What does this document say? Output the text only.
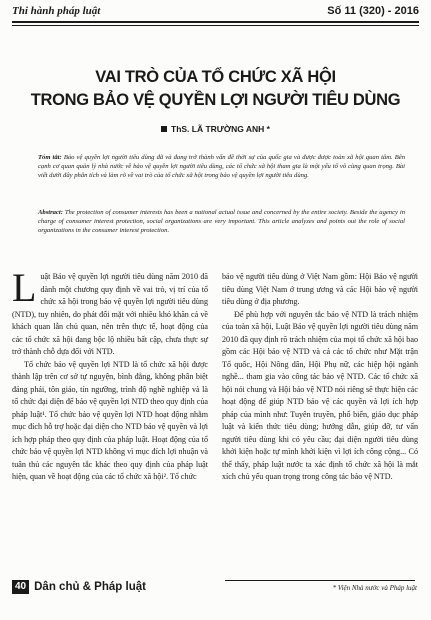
Thi hành pháp luật	Số 11 (320) - 2016
VAI TRÒ CỦA TỔ CHỨC XÃ HỘI
TRONG BẢO VỆ QUYỀN LỢI NGƯỜI TIÊU DÙNG
ThS. LÃ TRƯỜNG ANH *

Tóm tắt: Bảo vệ quyền lợi người tiêu dùng đã và đang trở thành vấn đề thời sự của quốc gia và được được toàn xã hội quan tâm. Bên cạnh cơ quan quản lý nhà nước về bảo vệ quyền lợi người tiêu dùng, các tổ chức xã hội tham gia là một yếu tố vô cùng quan trọng. Bài viết dưới đây phân tích và làm rõ về vai trò của tổ chức xã hội trong bảo vệ quyền lợi người tiêu dùng.

Abstract: The protection of consumer interests has been a national actual issue and concerned by the entire society. Beside the agency in charge of consumer interest protection, social organizations are very important. This article analyzes and points out the role of social organizations in the consumer interest protection.

Luật Bảo vệ quyền lợi người tiêu dùng năm 2010 đã dành một chương quy định về vai trò, vị trí của tổ chức xã hội trong bảo vệ quyền lợi người tiêu dùng (NTD), tuy nhiên, do phát đối mặt với nhiều khó khăn cả về khách quan lẫn chủ quan, nên trên thực tế, hoạt động của các tổ chức xã hội đang bộc lộ nhiều bất cập, chưa thực sự trở thành chỗ dựa đối với NTD.

Tổ chức bảo vệ quyền lợi NTD là tổ chức xã hội được thành lập trên cơ sở tự nguyện, bình đẳng, không phân biệt đảng phái, tôn giáo, tín ngưỡng, trình độ nghề nghiệp và là tổ chức đại diện để bảo vệ quyền lợi NTD theo quy định của pháp luật¹. Tổ chức bảo vệ quyền lợi NTD hoạt động nhằm mục đích hỗ trợ hoặc đại diện cho NTD bảo vệ quyền và lợi ích hợp pháp theo quy định của pháp luật. Hoạt động của tổ chức bảo vệ quyền lợi NTD không vì mục đích lợi nhuận và tuân thủ các nguyên tắc khác theo quy định của pháp luật hiện, quan về hoạt động của các tổ chức xã hội². Tổ chức

bảo vệ người tiêu dùng ở Việt Nam gồm: Hội Bảo vệ người tiêu dùng Việt Nam ở trung ương và các Hội bảo vệ người tiêu dùng ở địa phương.

Để phù hợp với nguyên tắc bảo vệ NTD là trách nhiệm của toàn xã hội, Luật Bảo vệ quyền lợi người tiêu dùng năm 2010 đã quy định rõ trách nhiệm của mọi tổ chức xã hội bao gồm các Hội bảo vệ NTD và cả các tổ chức như Mặt trận Tổ quốc, Hội Nông dân, Hội Phụ nữ, các hiệp hội ngành nghề... tham gia vào công tác bảo vệ NTD. Các tổ chức xã hội nói chung và Hội bảo vệ NTD nói riêng sẽ thực hiện các hoạt động để giúp NTD bảo vệ các quyền và lợi ích hợp pháp của mình như: Tuyên truyền, phổ biến, giáo dục pháp luật và kiến thức tiêu dùng; hướng dẫn, giúp đỡ, tư vấn người tiêu dùng khi có yêu cầu; đại diện người tiêu dùng khởi kiện hoặc tự mình khởi kiện vì lợi ích công cộng... Có thể thấy, pháp luật nước ta xác định tổ chức xã hội là mắt xích chủ yếu quan trọng trong công tác bảo vệ NTD.

40 Dân chủ & Pháp luật	* Viện Nhà nước và Pháp luật
